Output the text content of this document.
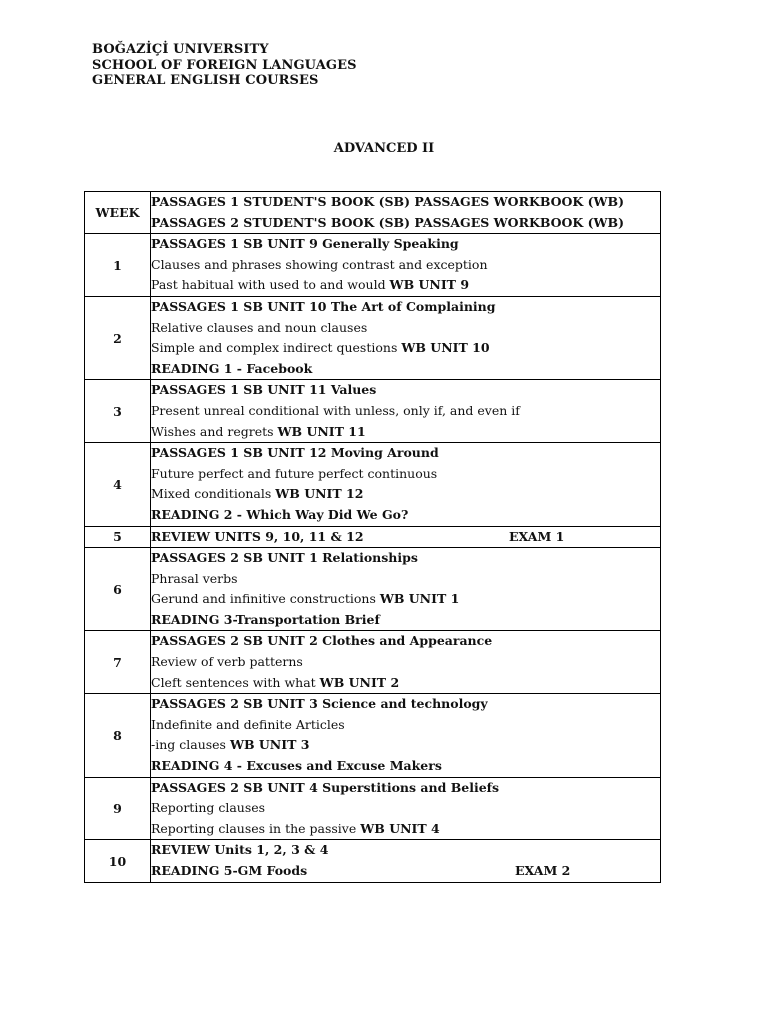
BOĞAZİÇİ UNIVERSITY
SCHOOL OF FOREIGN LANGUAGES
GENERAL ENGLISH COURSES
ADVANCED II
WEEK	PASSAGES 1 STUDENT'S BOOK (SB) PASSAGES WORKBOOK (WB)
PASSAGES 2 STUDENT'S BOOK (SB) PASSAGES WORKBOOK (WB)

1	PASSAGES 1 SB UNIT 9 Generally Speaking
Clauses and phrases showing contrast and exception
Past habitual with used to and would WB UNIT 9

2	PASSAGES 1 SB UNIT 10 The Art of Complaining
Relative clauses and noun clauses
Simple and complex indirect questions WB UNIT 10
READING 1 - Facebook

3	PASSAGES 1 SB UNIT 11 Values
Present unreal conditional with unless, only if, and even if
Wishes and regrets WB UNIT 11

4	PASSAGES 1 SB UNIT 12 Moving Around
Future perfect and future perfect continuous
Mixed conditionals WB UNIT 12
READING 2 - Which Way Did We Go?

5	REVIEW UNITS 9, 10, 11 & 12 EXAM 1

6	PASSAGES 2 SB UNIT 1 Relationships
Phrasal verbs
Gerund and infinitive constructions WB UNIT 1
READING 3-Transportation Brief

7	PASSAGES 2 SB UNIT 2 Clothes and Appearance
Review of verb patterns
Cleft sentences with what WB UNIT 2

8	PASSAGES 2 SB UNIT 3 Science and technology
Indefinite and definite Articles
-ing clauses WB UNIT 3
READING 4 - Excuses and Excuse Makers

9	PASSAGES 2 SB UNIT 4 Superstitions and Beliefs
Reporting clauses
Reporting clauses in the passive WB UNIT 4

10	REVIEW Units 1, 2, 3 & 4
READING 5-GM Foods EXAM 2
